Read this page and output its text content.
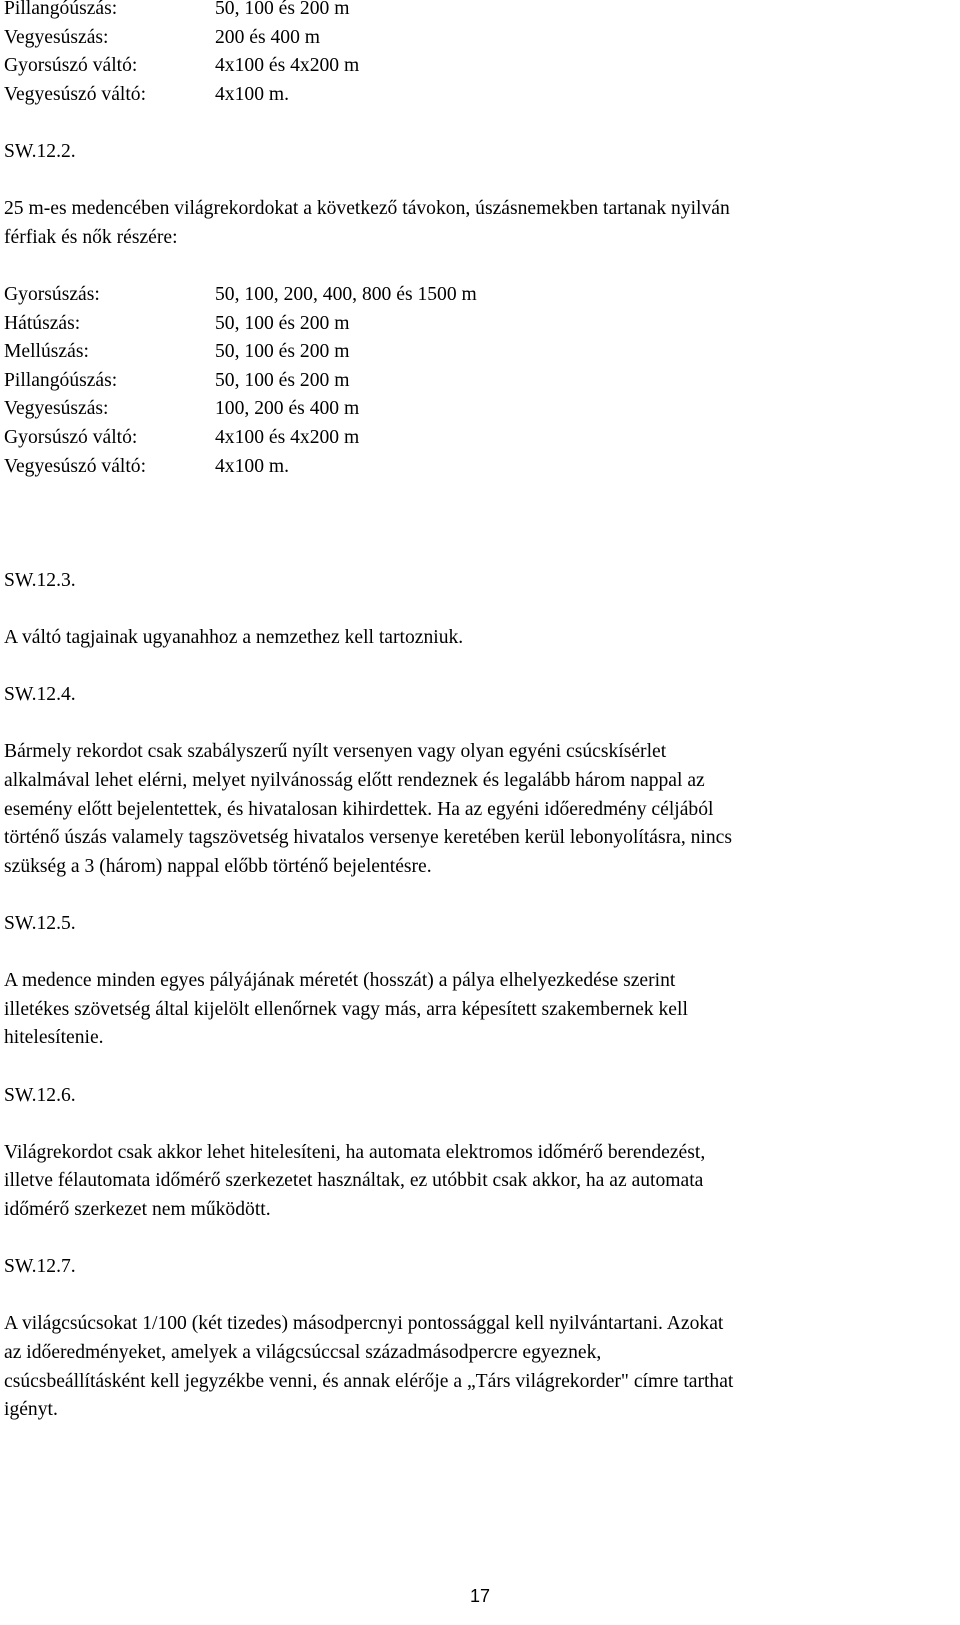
Pillangóúszás:	50, 100 és 200 m
Vegyesúszás:	200 és 400 m
Gyorsúszó váltó:	4x100 és 4x200 m
Vegyesúszó váltó:	4x100 m.
SW.12.2.
25 m-es medencében világrekordokat a következő távokon, úszásnemekben tartanak nyilván
férfiak és nők részére:
Gyorsúszás:	50, 100, 200, 400, 800 és 1500 m
Hátúszás:	50, 100 és 200 m
Mellúszás:	50, 100 és 200 m
Pillangóúszás:	50, 100 és 200 m
Vegyesúszás:	100, 200 és 400 m
Gyorsúszó váltó:	4x100 és 4x200 m
Vegyesúszó váltó:	4x100 m.
SW.12.3.
A váltó tagjainak ugyanahhoz a nemzethez kell tartozniuk.
SW.12.4.
Bármely rekordot csak szabályszerű nyílt versenyen vagy olyan egyéni csúcskísérlet
alkalmával lehet elérni, melyet nyilvánosság előtt rendeznek és legalább három nappal az
esemény előtt bejelentettek, és hivatalosan kihirdettek. Ha az egyéni időeredmény céljából
történő úszás valamely tagszövetség hivatalos versenye keretében kerül lebonyolításra, nincs
szükség a 3 (három) nappal előbb történő bejelentésre.
SW.12.5.
A medence minden egyes pályájának méretét (hosszát) a pálya elhelyezkedése szerint
illetékes szövetség által kijelölt ellenőrnek vagy más, arra képesített szakembernek kell
hitelesítenie.
SW.12.6.
Világrekordot csak akkor lehet hitelesíteni, ha automata elektromos időmérő berendezést,
illetve félautomata időmérő szerkezetet használtak, ez utóbbit csak akkor, ha az automata
időmérő szerkezet nem működött.
SW.12.7.
A világcsúcsokat 1/100 (két tizedes) másodpercnyi pontossággal kell nyilvántartani. Azokat
az időeredményeket, amelyek a világcsúccsal századmásodpercre egyeznek,
csúcsbeállításként kell jegyzékbe venni, és annak elérője a „Társ világrekorder" címre tarthat
igényt.
17
